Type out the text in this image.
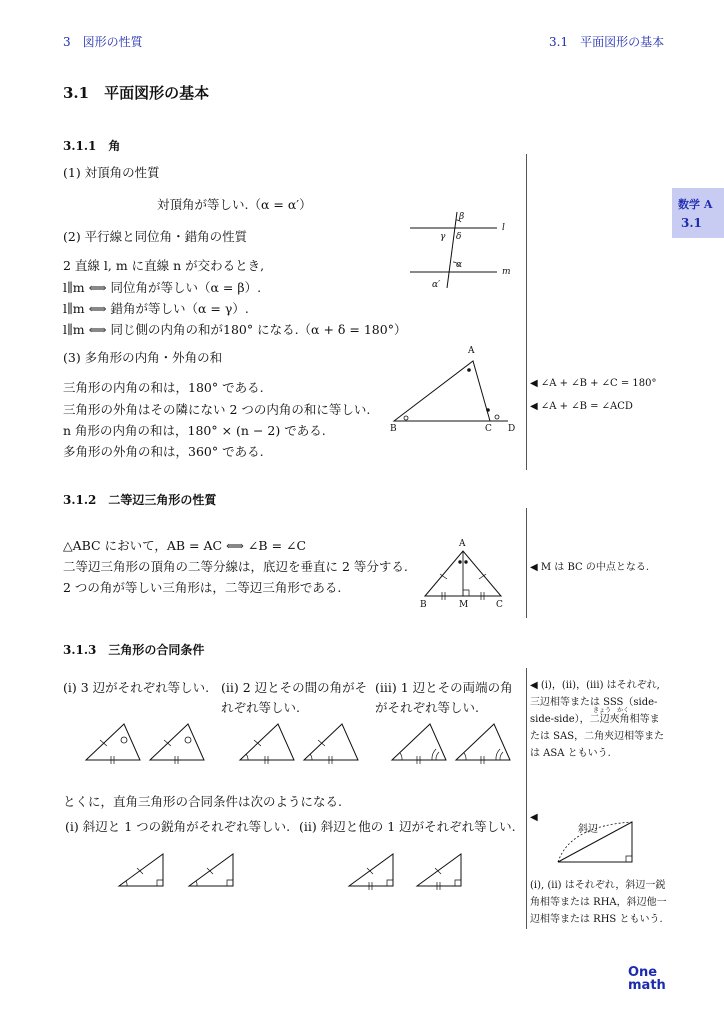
3　図形の性質	3.1　平面図形の基本
数学 A
3.1
3.1　平面図形の基本
3.1.1　角
(1) 対頂角の性質
対頂角が等しい.（α = α′）
(2) 平行線と同位角・錯角の性質
2 直線 l, m に直線 n が交わるとき,
l∥m ⟺ 同位角が等しい（α = β）.
l∥m ⟺ 錯角が等しい（α = γ）.
l∥m ⟺ 同じ側の内角の和が180° になる.（α + δ = 180°）
(3) 多角形の内角・外角の和
三角形の内角の和は，180° である.
三角形の外角はその隣にない 2 つの内角の和に等しい.
n 角形の内角の和は，180° × (n − 2) である.
多角形の外角の和は，360° である.
β
γ δ
α
α′
l
m
A
B	C D
◀ ∠A + ∠B + ∠C = 180°
◀ ∠A + ∠B = ∠ACD
3.1.2　二等辺三角形の性質
△ABC において，AB = AC ⟺ ∠B = ∠C
二等辺三角形の頂角の二等分線は，底辺を垂直に 2 等分する.
2 つの角が等しい三角形は，二等辺三角形である.
A
B	M	C
◀ M は BC の中点となる.
3.1.3　三角形の合同条件
(i) 3 辺がそれぞれ等しい. (ii) 2 辺とその間の角がそ
れぞれ等しい.
(iii) 1 辺とその両端の角
がそれぞれ等しい.
◀ (i)，(ii)，(iii) はそれぞれ,
三辺相等または SSS（side-
きょう　かく
side-side），二辺夾角相等ま
たは SAS，二角夾辺相等また
は ASA ともいう.
とくに，直角三角形の合同条件は次のようになる.
(i) 斜辺と 1 つの鋭角がそれぞれ等しい. (ii) 斜辺と他の 1 辺がそれぞれ等しい.
◀
斜辺
(i), (ii) はそれぞれ，斜辺一鋭
角相等または RHA，斜辺他一
辺相等または RHS ともいう.
One
math
